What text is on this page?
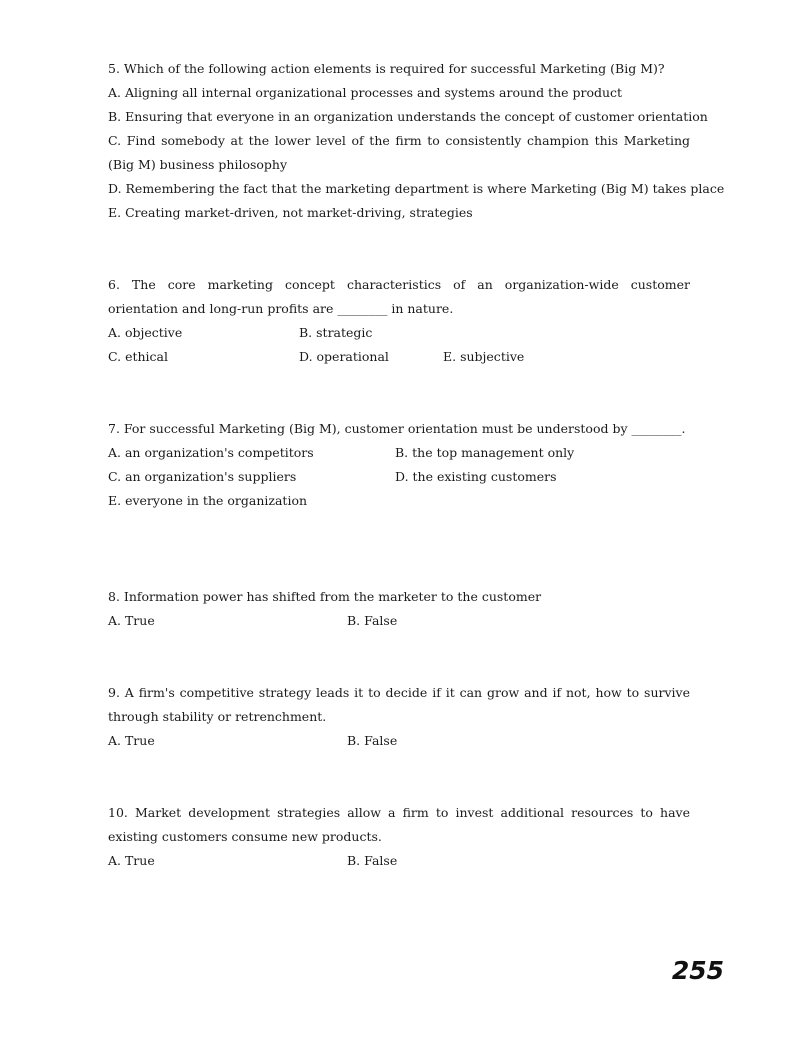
5. Which of the following action elements is required for successful Marketing (Big M)?
A. Aligning all internal organizational processes and systems around the product
B. Ensuring that everyone in an organization understands the concept of customer orientation
C. Find somebody at the lower level of the firm to consistently champion this Marketing (Big M) business philosophy
D. Remembering the fact that the marketing department is where Marketing (Big M) takes place
E. Creating market-driven, not market-driving, strategies
6. The core marketing concept characteristics of an organization-wide customer orientation and long-run profits are ________ in nature.
A. objective	B. strategic
C. ethical	D. operational	E. subjective
7. For successful Marketing (Big M), customer orientation must be understood by ________.
A. an organization's competitors	B. the top management only
C. an organization's suppliers	D. the existing customers
E. everyone in the organization
8. Information power has shifted from the marketer to the customer
A. True	B. False
9. A firm's competitive strategy leads it to decide if it can grow and if not, how to survive through stability or retrenchment.
A. True	B. False
10. Market development strategies allow a firm to invest additional resources to have existing customers consume new products.
A. True	B. False
255
